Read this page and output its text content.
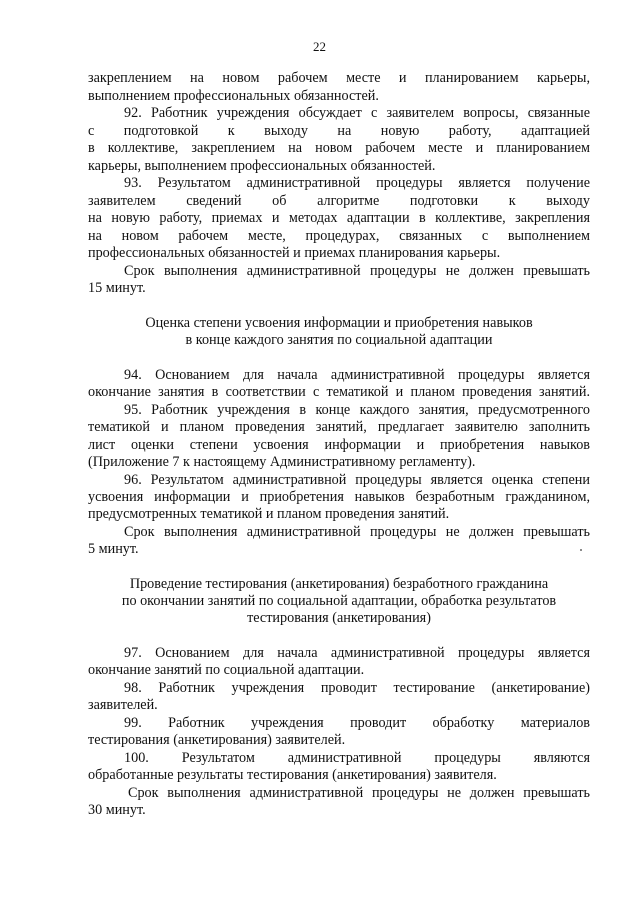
22
закреплением на новом рабочем месте и планированием карьеры,
выполнением профессиональных обязанностей.
92. Работник учреждения обсуждает с заявителем вопросы, связанные
с подготовкой к выходу на новую работу, адаптацией
в коллективе, закреплением на новом рабочем месте и планированием
карьеры, выполнением профессиональных обязанностей.
93. Результатом административной процедуры является получение
заявителем сведений об алгоритме подготовки к выходу
на новую работу, приемах и методах адаптации в коллективе, закрепления
на новом рабочем месте, процедурах, связанных с выполнением
профессиональных обязанностей и приемах планирования карьеры.
Срок выполнения административной процедуры не должен превышать
15 минут.
Оценка степени усвоения информации и приобретения навыков
в конце каждого занятия по социальной адаптации
94. Основанием для начала административной процедуры является
окончание занятия в соответствии с тематикой и планом проведения занятий.
95. Работник учреждения в конце каждого занятия, предусмотренного
тематикой и планом проведения занятий, предлагает заявителю заполнить
лист оценки степени усвоения информации и приобретения навыков
(Приложение 7 к настоящему Административному регламенту).
96. Результатом административной процедуры является оценка степени
усвоения информации и приобретения навыков безработным гражданином,
предусмотренных тематикой и планом проведения занятий.
Срок выполнения административной процедуры не должен превышать
5 минут.
Проведение тестирования (анкетирования) безработного гражданина
по окончании занятий по социальной адаптации, обработка результатов
тестирования (анкетирования)
97. Основанием для начала административной процедуры является
окончание занятий по социальной адаптации.
98. Работник учреждения проводит тестирование (анкетирование)
заявителей.
99. Работник учреждения проводит обработку материалов
тестирования (анкетирования) заявителей.
100. Результатом административной процедуры являются
обработанные результаты тестирования (анкетирования) заявителя.
Срок выполнения административной процедуры не должен превышать
30 минут.
